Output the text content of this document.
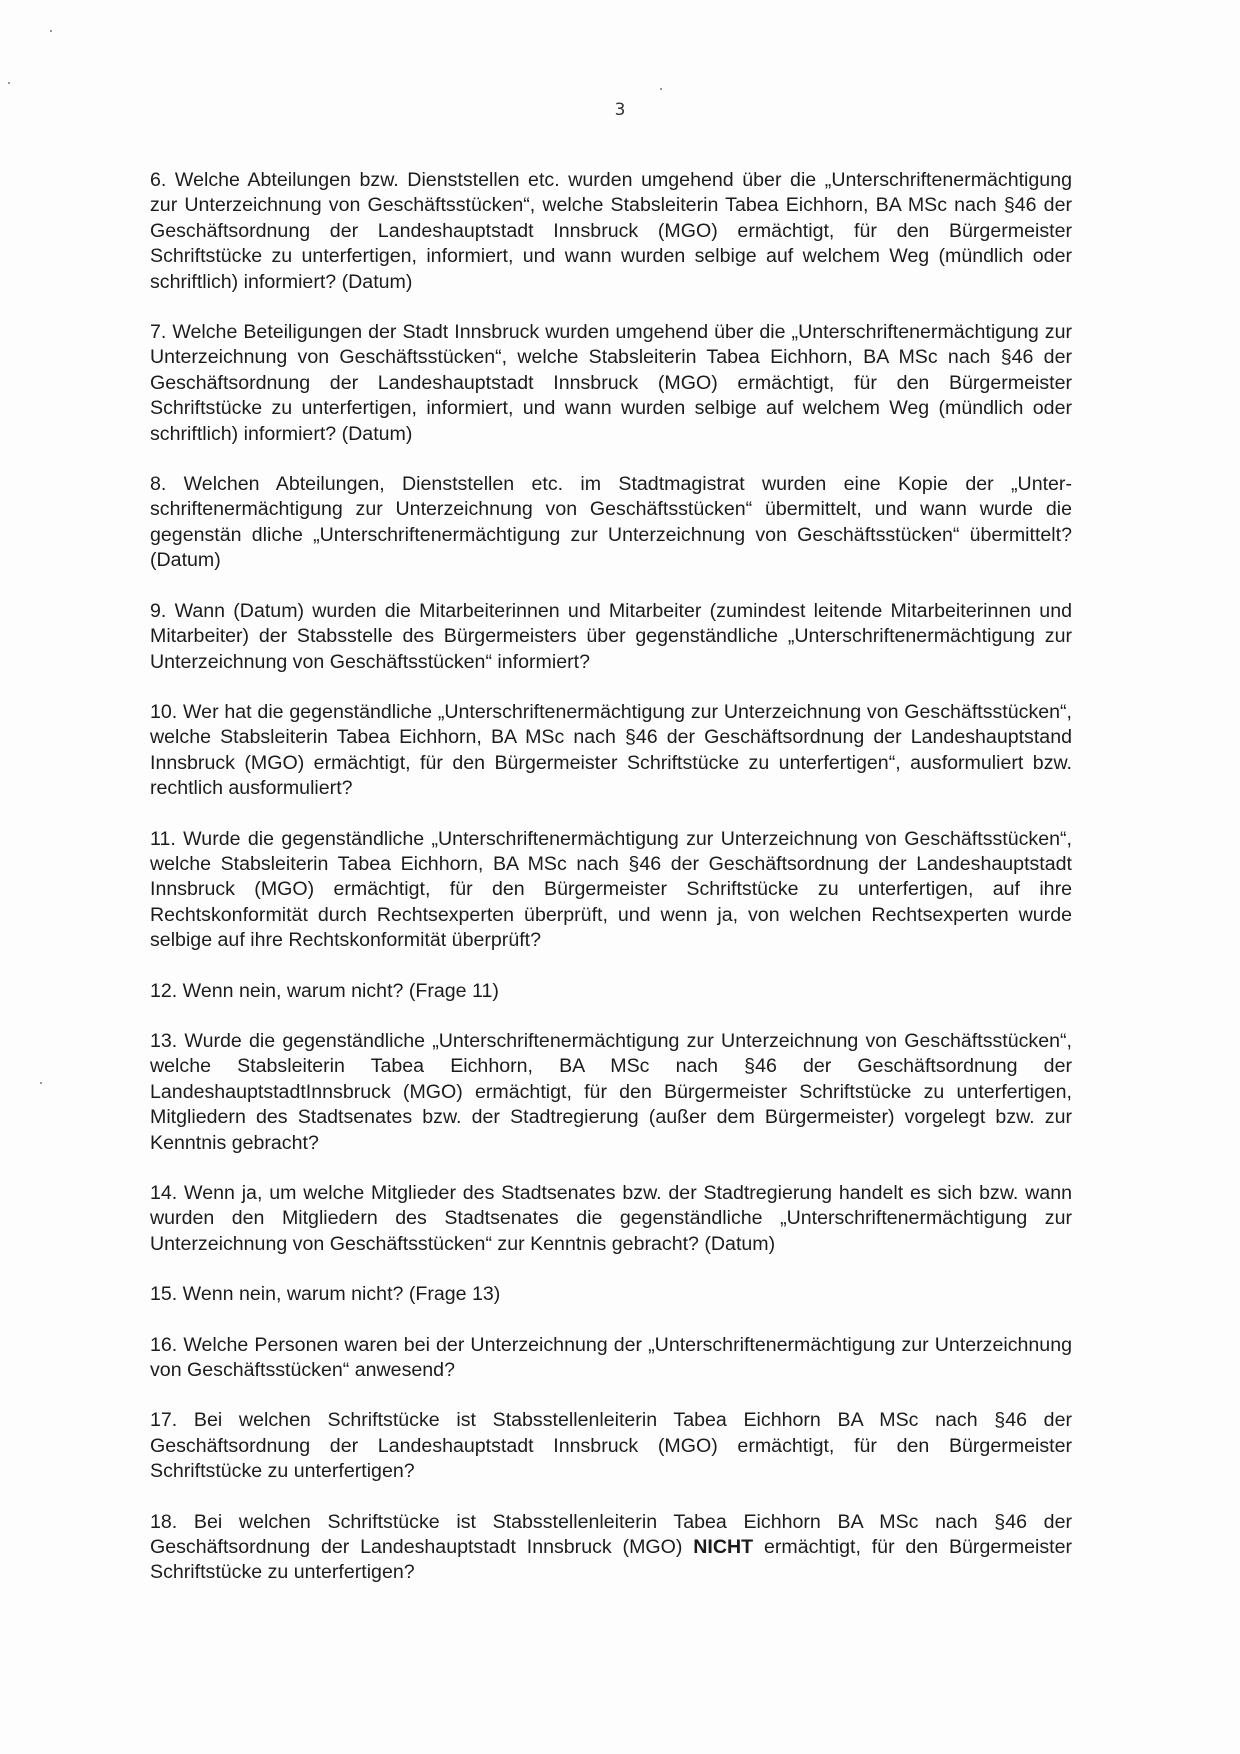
3

6. Welche Abteilungen bzw. Dienststellen etc. wurden umgehend über die „Unterschriftenermächtigung zur Unterzeichnung von Geschäftsstücken“, welche Stabsleiterin Tabea Eichhorn, BA MSc nach §46 der Geschäftsordnung der Landeshauptstadt Innsbruck (MGO) ermächtigt, für den Bürgermeister Schriftstücke zu unterfertigen, informiert, und wann wurden selbige auf welchem Weg (mündlich oder schriftlich) informiert? (Datum)

7. Welche Beteiligungen der Stadt Innsbruck wurden umgehend über die „Unterschriftenermächtigung zur Unterzeichnung von Geschäftsstücken“, welche Stabsleiterin Tabea Eichhorn, BA MSc nach §46 der Geschäftsordnung der Landeshauptstadt Innsbruck (MGO) ermächtigt, für den Bürgermeister Schriftstücke zu unterfertigen, informiert, und wann wurden selbige auf welchem Weg (mündlich oder schriftlich) informiert? (Datum)

8. Welchen Abteilungen, Dienststellen etc. im Stadtmagistrat wurden eine Kopie der „Unterschriftenermächtigung zur Unterzeichnung von Geschäftsstücken“ übermittelt, und wann wurde die gegenstän dliche „Unterschriftenermächtigung zur Unterzeichnung von Geschäftsstücken“ übermittelt? (Datum)

9. Wann (Datum) wurden die Mitarbeiterinnen und Mitarbeiter (zumindest leitende Mitarbeiterinnen und Mitarbeiter) der Stabsstelle des Bürgermeisters über gegenständliche „Unterschriftenermächtigung zur Unterzeichnung von Geschäftsstücken“ informiert?

10. Wer hat die gegenständliche „Unterschriftenermächtigung zur Unterzeichnung von Geschäftsstücken“, welche Stabsleiterin Tabea Eichhorn, BA MSc nach §46 der Geschäftsordnung der Landeshauptstand Innsbruck (MGO) ermächtigt, für den Bürgermeister Schriftstücke zu unterfertigen“, ausformuliert bzw. rechtlich ausformuliert?

11. Wurde die gegenständliche „Unterschriftenermächtigung zur Unterzeichnung von Geschäftsstücken“, welche Stabsleiterin Tabea Eichhorn, BA MSc nach §46 der Geschäftsordnung der Landeshauptstadt Innsbruck (MGO) ermächtigt, für den Bürgermeister Schriftstücke zu unterfertigen, auf ihre Rechtskonformität durch Rechtsexperten überprüft, und wenn ja, von welchen Rechtsexperten wurde selbige auf ihre Rechtskonformität überprüft?

12. Wenn nein, warum nicht? (Frage 11)

13. Wurde die gegenständliche „Unterschriftenermächtigung zur Unterzeichnung von Geschäftsstücken“, welche Stabsleiterin Tabea Eichhorn, BA MSc nach §46 der Geschäftsordnung der LandeshauptstadtInnsbruck (MGO) ermächtigt, für den Bürgermeister Schriftstücke zu unterfertigen, Mitgliedern des Stadtsenates bzw. der Stadtregierung (außer dem Bürgermeister) vorgelegt bzw. zur Kenntnis gebracht?

14. Wenn ja, um welche Mitglieder des Stadtsenates bzw. der Stadtregierung handelt es sich bzw. wann wurden den Mitgliedern des Stadtsenates die gegenständliche „Unterschriftenermächtigung zur Unterzeichnung von Geschäftsstücken“ zur Kenntnis gebracht? (Datum)

15. Wenn nein, warum nicht? (Frage 13)

16. Welche Personen waren bei der Unterzeichnung der „Unterschriftenermächtigung zur Unterzeichnung von Geschäftsstücken“ anwesend?

17. Bei welchen Schriftstücke ist Stabsstellenleiterin Tabea Eichhorn BA MSc nach §46 der Geschäftsordnung der Landeshauptstadt Innsbruck (MGO) ermächtigt, für den Bürgermeister Schriftstücke zu unterfertigen?

18. Bei welchen Schriftstücke ist Stabsstellenleiterin Tabea Eichhorn BA MSc nach §46 der Geschäftsordnung der Landeshauptstadt Innsbruck (MGO) NICHT ermächtigt, für den Bürgermeister Schriftstücke zu unterfertigen?
